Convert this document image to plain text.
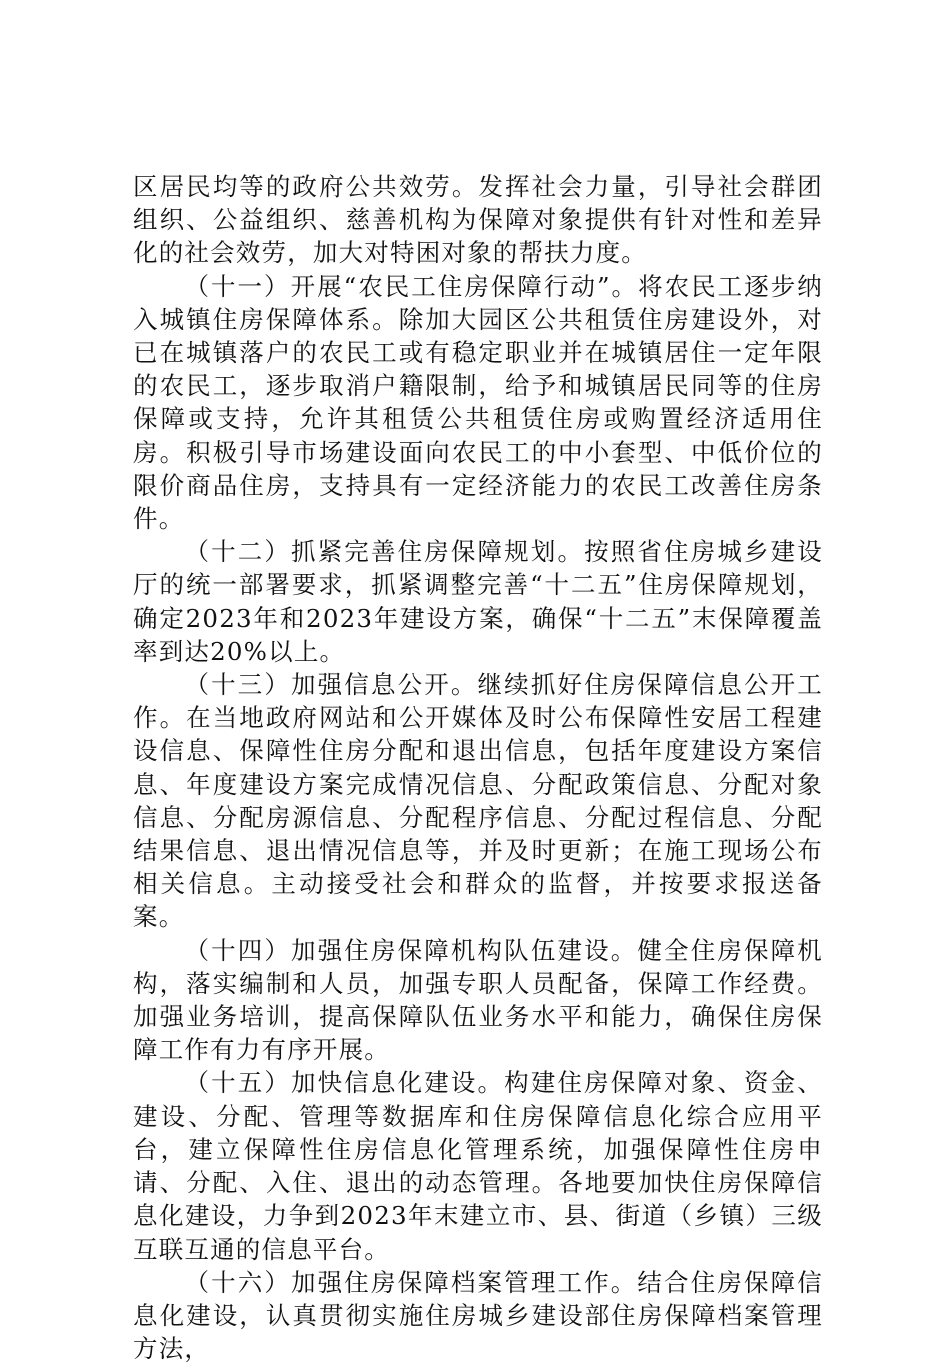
区居民均等的政府公共效劳。发挥社会力量，引导社会群团组织、公益组织、慈善机构为保障对象提供有针对性和差异化的社会效劳，加大对特困对象的帮扶力度。

（十一）开展“农民工住房保障行动”。将农民工逐步纳入城镇住房保障体系。除加大园区公共租赁住房建设外，对已在城镇落户的农民工或有稳定职业并在城镇居住一定年限的农民工，逐步取消户籍限制，给予和城镇居民同等的住房保障或支持，允许其租赁公共租赁住房或购置经济适用住房。积极引导市场建设面向农民工的中小套型、中低价位的限价商品住房，支持具有一定经济能力的农民工改善住房条件。

（十二）抓紧完善住房保障规划。按照省住房城乡建设厅的统一部署要求，抓紧调整完善“十二五”住房保障规划，确定2023年和2023年建设方案，确保“十二五”末保障覆盖率到达20%以上。

（十三）加强信息公开。继续抓好住房保障信息公开工作。在当地政府网站和公开媒体及时公布保障性安居工程建设信息、保障性住房分配和退出信息，包括年度建设方案信息、年度建设方案完成情况信息、分配政策信息、分配对象信息、分配房源信息、分配程序信息、分配过程信息、分配结果信息、退出情况信息等，并及时更新；在施工现场公布相关信息。主动接受社会和群众的监督，并按要求报送备案。

（十四）加强住房保障机构队伍建设。健全住房保障机构，落实编制和人员，加强专职人员配备，保障工作经费。加强业务培训，提高保障队伍业务水平和能力，确保住房保障工作有力有序开展。

（十五）加快信息化建设。构建住房保障对象、资金、建设、分配、管理等数据库和住房保障信息化综合应用平台，建立保障性住房信息化管理系统，加强保障性住房申请、分配、入住、退出的动态管理。各地要加快住房保障信息化建设，力争到2023年末建立市、县、街道（乡镇）三级互联互通的信息平台。

（十六）加强住房保障档案管理工作。结合住房保障信息化建设，认真贯彻实施住房城乡建设部住房保障档案管理方法，
